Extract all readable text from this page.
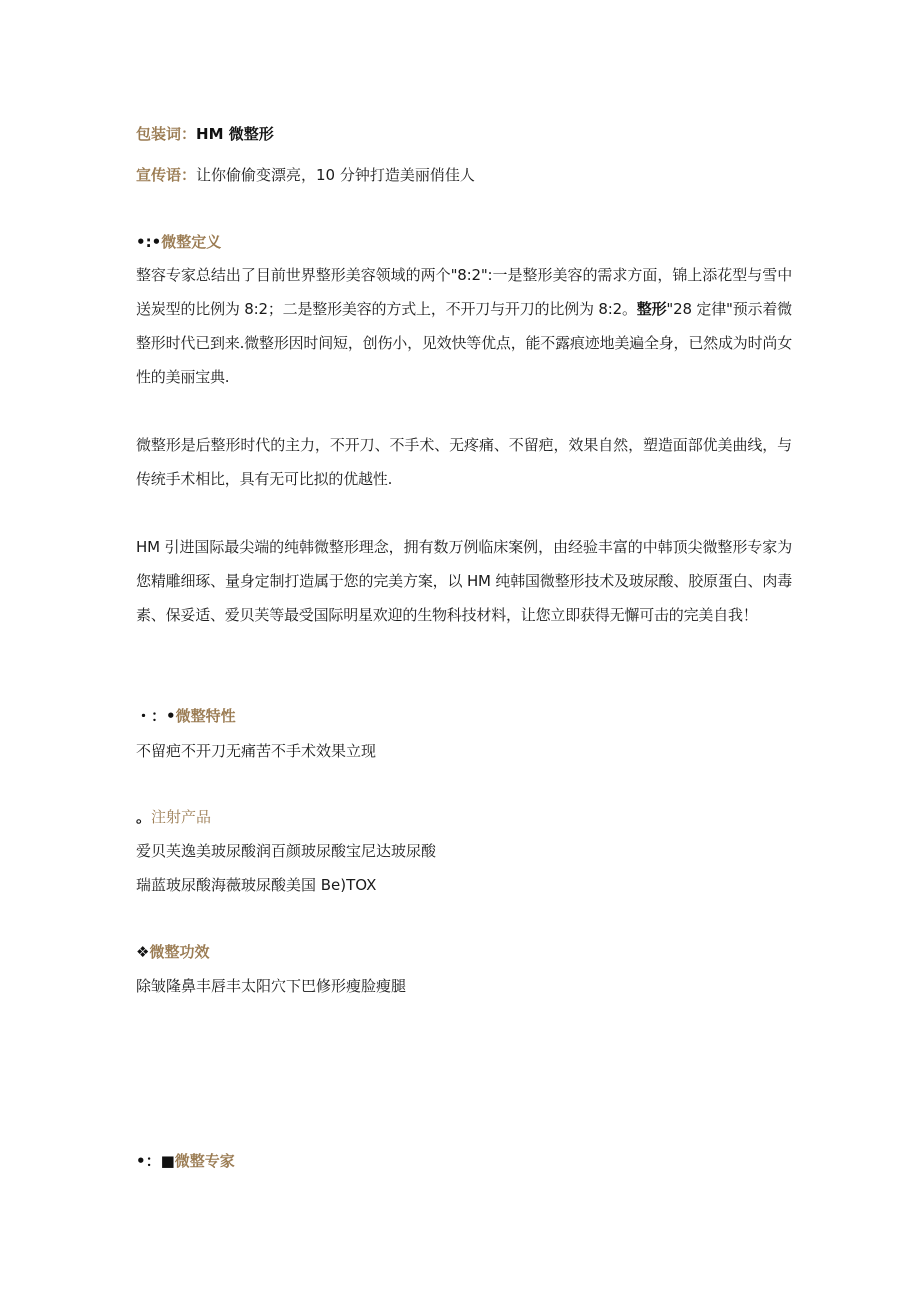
包装词：HM 微整形
宣传语：让你偷偷变漂亮，10 分钟打造美丽俏佳人
•:•微整定义
整容专家总结出了目前世界整形美容领域的两个"8:2":一是整形美容的需求方面，锦上添花型与雪中送炭型的比例为 8:2；二是整形美容的方式上，不开刀与开刀的比例为 8:2。整形"28 定律"预示着微整形时代已到来.微整形因时间短，创伤小，见效快等优点，能不露痕迹地美遍全身，已然成为时尚女性的美丽宝典.
微整形是后整形时代的主力，不开刀、不手术、无疼痛、不留疤，效果自然，塑造面部优美曲线，与传统手术相比，具有无可比拟的优越性.
HM 引进国际最尖端的纯韩微整形理念，拥有数万例临床案例，由经验丰富的中韩顶尖微整形专家为您精雕细琢、量身定制打造属于您的完美方案，以 HM 纯韩国微整形技术及玻尿酸、胶原蛋白、肉毒素、保妥适、爱贝芙等最受国际明星欢迎的生物科技材料，让您立即获得无懈可击的完美自我！
・：•微整特性
不留疤不开刀无痛苦不手术效果立现
。注射产品
爱贝芙逸美玻尿酸润百颜玻尿酸宝尼达玻尿酸
瑞蓝玻尿酸海薇玻尿酸美国 Be)TOX
❖微整功效
除皱隆鼻丰唇丰太阳穴下巴修形瘦脸瘦腿
•：■微整专家
